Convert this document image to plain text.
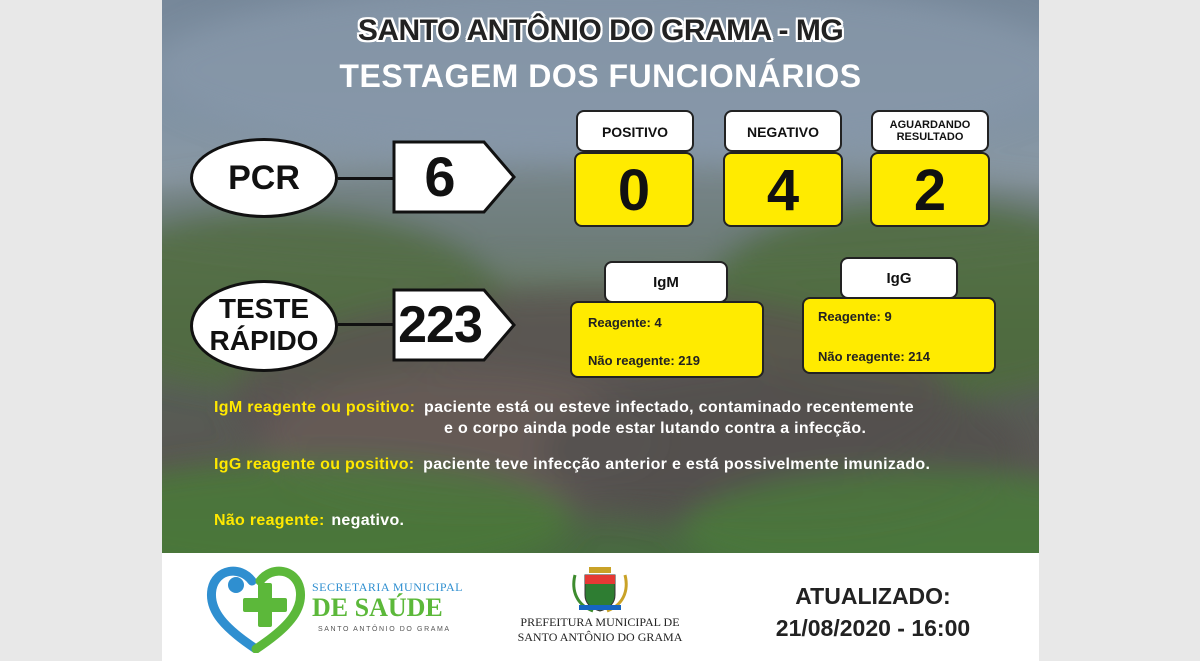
SANTO ANTÔNIO DO GRAMA - MG
TESTAGEM DOS FUNCIONÁRIOS
PCR	6
POSITIVO	NEGATIVO	AGUARDANDO
RESULTADO
0	4	2
TESTE
RÁPIDO	223
IgM
Reagente: 4
Não reagente: 219
IgG
Reagente: 9
Não reagente: 214
IgM reagente ou positivo: paciente está ou esteve infectado, contaminado recentemente
e o corpo ainda pode estar lutando contra a infecção.
IgG reagente ou positivo: paciente teve infecção anterior e está possivelmente imunizado.
Não reagente: negativo.
SECRETARIA MUNICIPAL
DE SAÚDE
SANTO ANTÔNIO DO GRAMA
PREFEITURA MUNICIPAL DE
SANTO ANTÔNIO DO GRAMA
ATUALIZADO:
21/08/2020 - 16:00
